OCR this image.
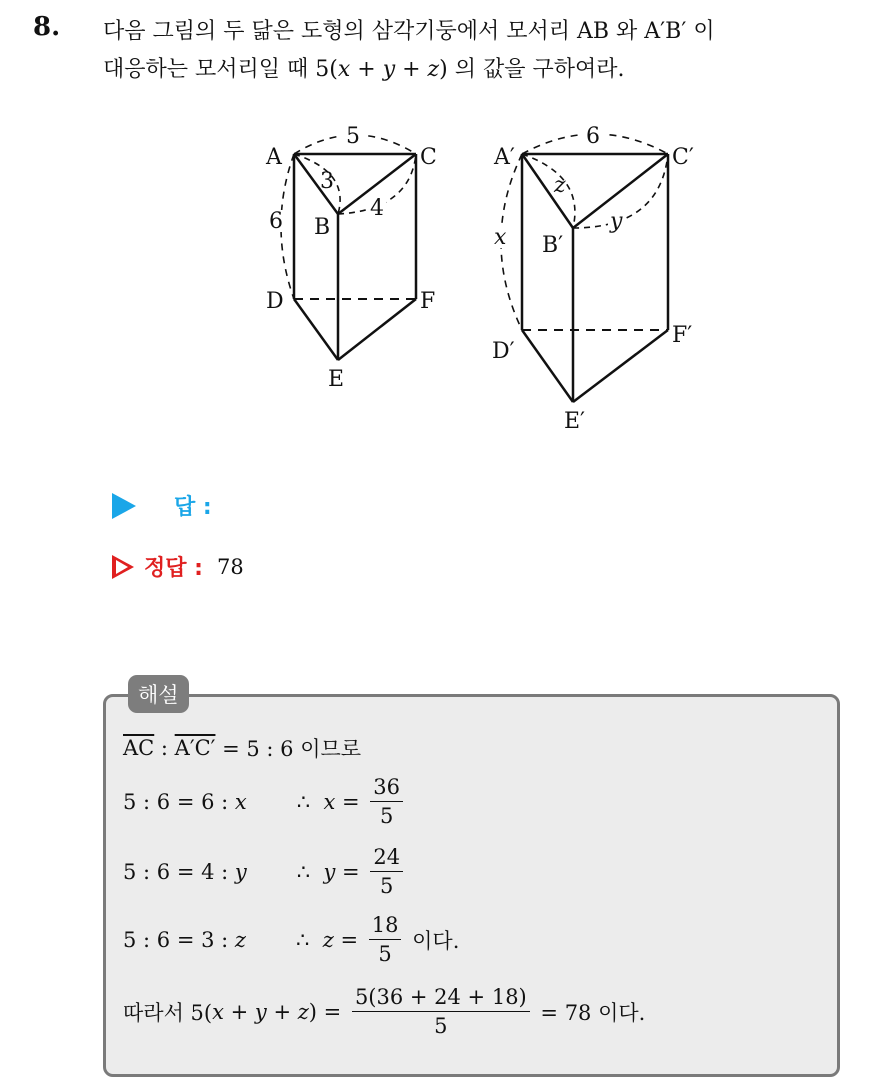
8. 다음 그림의 두 닮은 도형의 삼각기둥에서 모서리 AB 와 A′B′ 이
대응하는 모서리일 때 5(x + y + z) 의 값을 구하여라.
A	C
B
D	F
E
5
3
4
6
A′	C′
B′
D′
F′
E′
6
z
y
x
답 :
정답 : 78
해설
$\overline{AC}$ : A′C′ = 5 : 6 이므로
5 : 6 = 6 : x ∴
$x = \frac{36}{5}$
5 : 6 = 4 : y ∴
$y = \frac{24}{5}$
5 : 6 = 3 : z ∴
$z = \frac{18}{5}$ 이다.
따라서 5( x + y + z ) = $\frac{5(36 + 24 + 18)}{5} = 78$ 이다.
